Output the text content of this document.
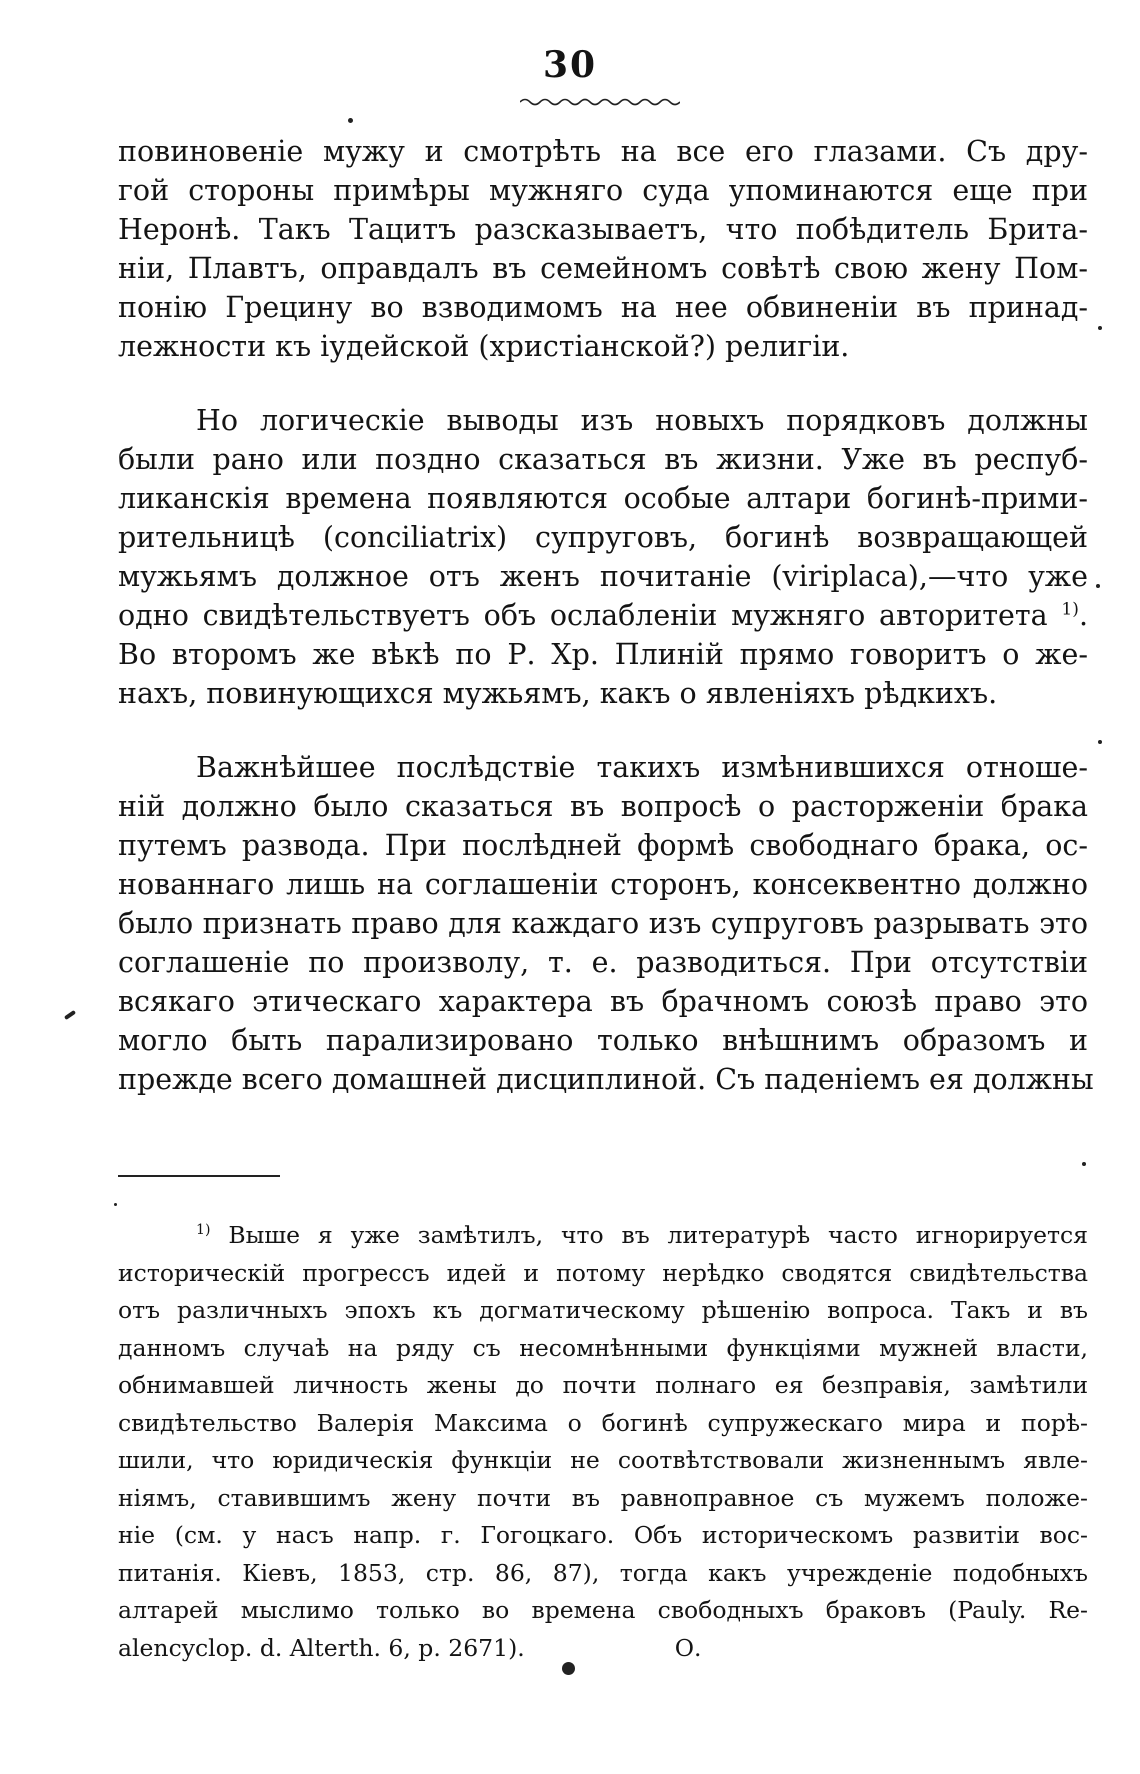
30

повиновеніе мужу и смотрѣть на все его глазами. Съ дру-
гой стороны примѣры мужняго суда упоминаются еще при
Неронѣ. Такъ Тацитъ разсказываетъ, что побѣдитель Брита-
ніи, Плавтъ, оправдалъ въ семейномъ совѣтѣ свою жену Пом-
понію Грецину во взводимомъ на нее обвиненіи въ принад-
лежности къ іудейской (христіанской?) религіи.

Но логическіе выводы изъ новыхъ порядковъ должны
были рано или поздно сказаться въ жизни. Уже въ респуб-
ликанскія времена появляются особые алтари богинѣ-прими-
рительницѣ (conciliatrix) супруговъ, богинѣ возвращающей
мужьямъ должное отъ женъ почитаніе (viriplaca),—что уже
одно свидѣтельствуетъ объ ослабленіи мужняго авторитета $^{1)}$.
Во второмъ же вѣкѣ по Р. Хр. Плиній прямо говоритъ о же-
нахъ, повинующихся мужьямъ, какъ о явленіяхъ рѣдкихъ.

Важнѣйшее послѣдствіе такихъ измѣнившихся отноше-
ній должно было сказаться въ вопросѣ о расторженіи брака
путемъ развода. При послѣдней формѣ свободнаго брака, ос-
нованнаго лишь на соглашеніи сторонъ, консеквентно должно
было признать право для каждаго изъ супруговъ разрывать это
соглашеніе по произволу, т. е. разводиться. При отсутствіи
всякаго этическаго характера въ брачномъ союзѣ право это
могло быть парализировано только внѣшнимъ образомъ и
прежде всего домашней дисциплиной. Съ паденіемъ ея должны

$^{1)}$ Выше я уже замѣтилъ, что въ литературѣ часто игнорируется
историческій прогрессъ идей и потому нерѣдко сводятся свидѣтельства
отъ различныхъ эпохъ къ догматическому рѣшенію вопроса. Такъ и въ
данномъ случаѣ на ряду съ несомнѣнными функціями мужней власти,
обнимавшей личность жены до почти полнаго ея безправія, замѣтили
свидѣтельство Валерія Максима о богинѣ супружескаго мира и порѣ-
шили, что юридическія функціи не соотвѣтствовали жизненнымъ явле-
ніямъ, ставившимъ жену почти въ равноправное съ мужемъ положе-
ніе (см. у насъ напр. г. Гогоцкаго. Объ историческомъ развитіи вос-
питанія. Кіевъ, 1853, стр. 86, 87), тогда какъ учрежденіе подобныхъ
алтарей мыслимо только во времена свободныхъ браковъ (Pauly. Re-
alencyclop. d. Alterth. 6, p. 2671).	О.
